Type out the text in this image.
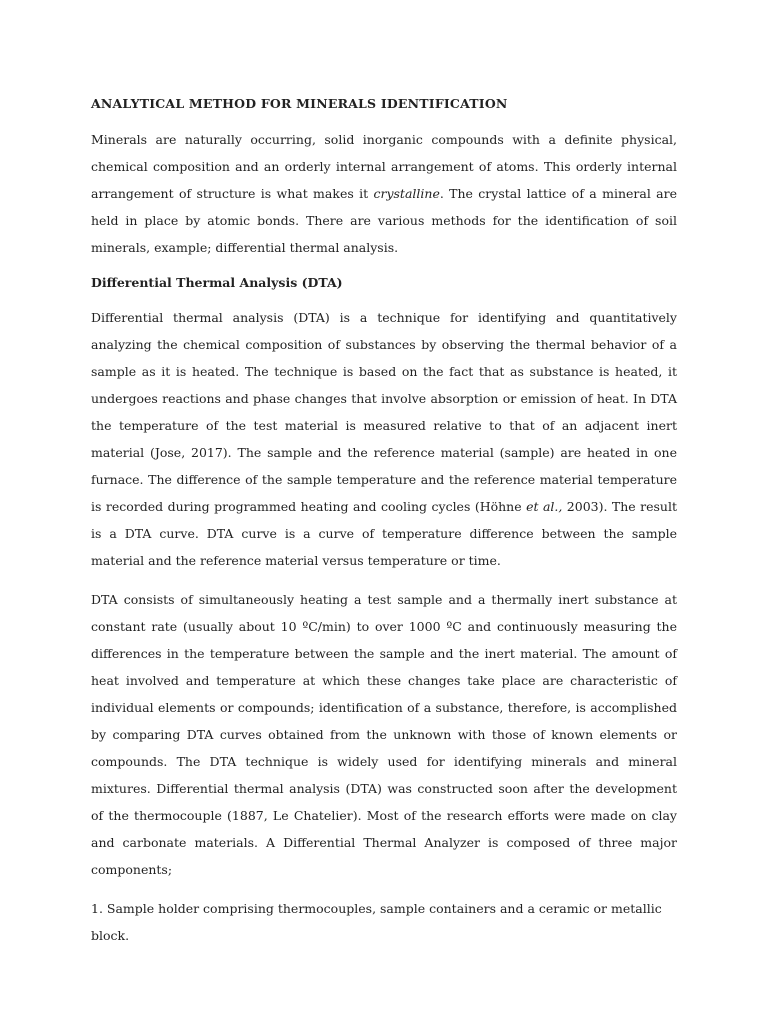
ANALYTICAL METHOD FOR MINERALS IDENTIFICATION

Minerals are naturally occurring, solid inorganic compounds with a definite physical, chemical composition and an orderly internal arrangement of atoms. This orderly internal arrangement of structure is what makes it crystalline. The crystal lattice of a mineral are held in place by atomic bonds. There are various methods for the identification of soil minerals, example; differential thermal analysis.

Differential Thermal Analysis (DTA)

Differential thermal analysis (DTA) is a technique for identifying and quantitatively analyzing the chemical composition of substances by observing the thermal behavior of a sample as it is heated. The technique is based on the fact that as substance is heated, it undergoes reactions and phase changes that involve absorption or emission of heat. In DTA the temperature of the test material is measured relative to that of an adjacent inert material (Jose, 2017). The sample and the reference material (sample) are heated in one furnace. The difference of the sample temperature and the reference material temperature is recorded during programmed heating and cooling cycles (Höhne et al., 2003). The result is a DTA curve. DTA curve is a curve of temperature difference between the sample material and the reference material versus temperature or time.

DTA consists of simultaneously heating a test sample and a thermally inert substance at constant rate (usually about 10 ºC/min) to over 1000 ºC and continuously measuring the differences in the temperature between the sample and the inert material. The amount of heat involved and temperature at which these changes take place are characteristic of individual elements or compounds; identification of a substance, therefore, is accomplished by comparing DTA curves obtained from the unknown with those of known elements or compounds. The DTA technique is widely used for identifying minerals and mineral mixtures. Differential thermal analysis (DTA) was constructed soon after the development of the thermocouple (1887, Le Chatelier). Most of the research efforts were made on clay and carbonate materials. A Differential Thermal Analyzer is composed of three major components;

1. Sample holder comprising thermocouples, sample containers and a ceramic or metallic block.
